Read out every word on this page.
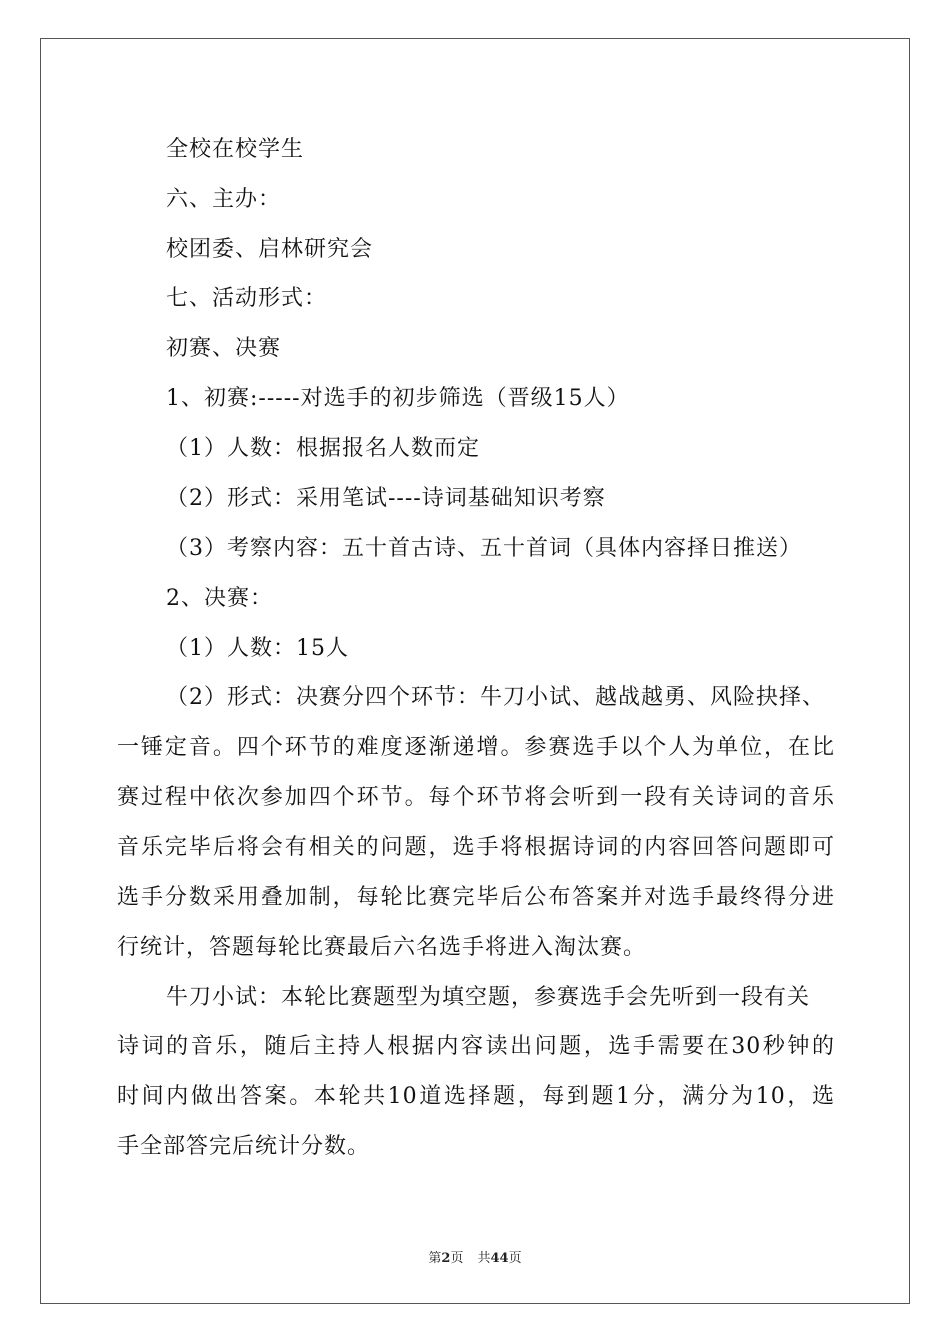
全校在校学生
六、主办：
校团委、启林研究会
七、活动形式：
初赛、决赛
1、初赛:-----对选手的初步筛选（晋级15人）
（1）人数：根据报名人数而定
（2）形式：采用笔试----诗词基础知识考察
（3）考察内容：五十首古诗、五十首词（具体内容择日推送）
2、决赛：
（1）人数：15人
（2）形式：决赛分四个环节：牛刀小试、越战越勇、风险抉择、
一锤定音。四个环节的难度逐渐递增。参赛选手以个人为单位，在比
赛过程中依次参加四个环节。每个环节将会听到一段有关诗词的音乐
音乐完毕后将会有相关的问题，选手将根据诗词的内容回答问题即可
选手分数采用叠加制，每轮比赛完毕后公布答案并对选手最终得分进
行统计，答题每轮比赛最后六名选手将进入淘汰赛。
牛刀小试：本轮比赛题型为填空题，参赛选手会先听到一段有关
诗词的音乐，随后主持人根据内容读出问题，选手需要在30秒钟的
时间内做出答案。本轮共10道选择题，每到题1分，满分为10，选
手全部答完后统计分数。
第2页 共44页
